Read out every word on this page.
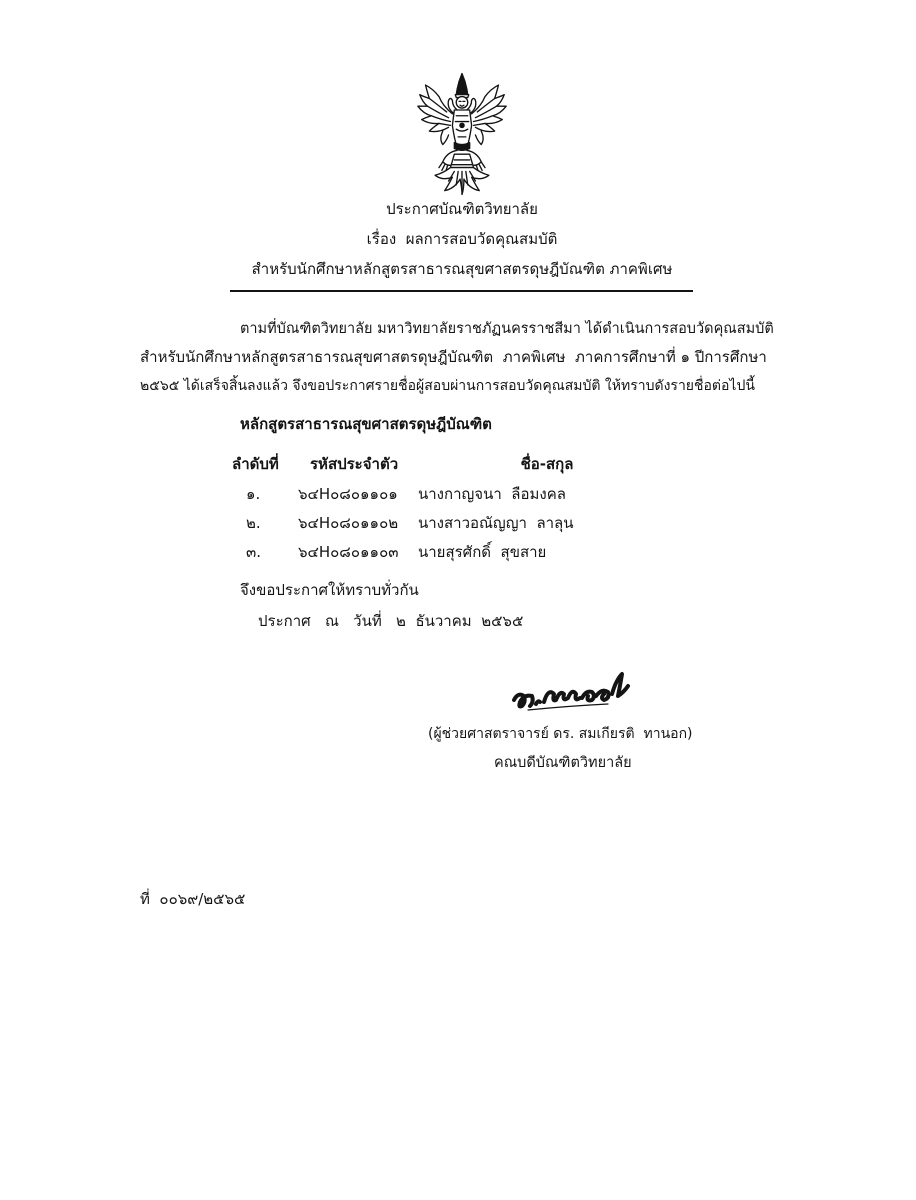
ประกาศบัณฑิตวิทยาลัย
เรื่อง  ผลการสอบวัดคุณสมบัติ
สำหรับนักศึกษาหลักสูตรสาธารณสุขศาสตรดุษฎีบัณฑิต ภาคพิเศษ
ตามที่บัณฑิตวิทยาลัย มหาวิทยาลัยราชภัฏนครราชสีมา ได้ดำเนินการสอบวัดคุณสมบัติ
สำหรับนักศึกษาหลักสูตรสาธารณสุขศาสตรดุษฎีบัณฑิต  ภาคพิเศษ  ภาคการศึกษาที่ ๑ ปีการศึกษา
๒๕๖๕ ได้เสร็จสิ้นลงแล้ว จึงขอประกาศรายชื่อผู้สอบผ่านการสอบวัดคุณสมบัติ ให้ทราบดังรายชื่อต่อไปนี้
หลักสูตรสาธารณสุขศาสตรดุษฎีบัณฑิต
ลำดับที่	รหัสประจำตัว	ชื่อ-สกุล
๑.	๖๔H๐๘๐๑๑๐๑	นางกาญจนา  ลือมงคล
๒.	๖๔H๐๘๐๑๑๐๒	นางสาวอณัญญา  ลาลุน
๓.	๖๔H๐๘๐๑๑๐๓	นายสุรศักดิ์  สุขสาย
จึงขอประกาศให้ทราบทั่วกัน
ประกาศ   ณ   วันที่   ๒  ธันวาคม  ๒๕๖๕
(ผู้ช่วยศาสตราจารย์ ดร. สมเกียรติ  ทานอก)
คณบดีบัณฑิตวิทยาลัย
ที่  ๐๐๖๙/๒๕๖๕
